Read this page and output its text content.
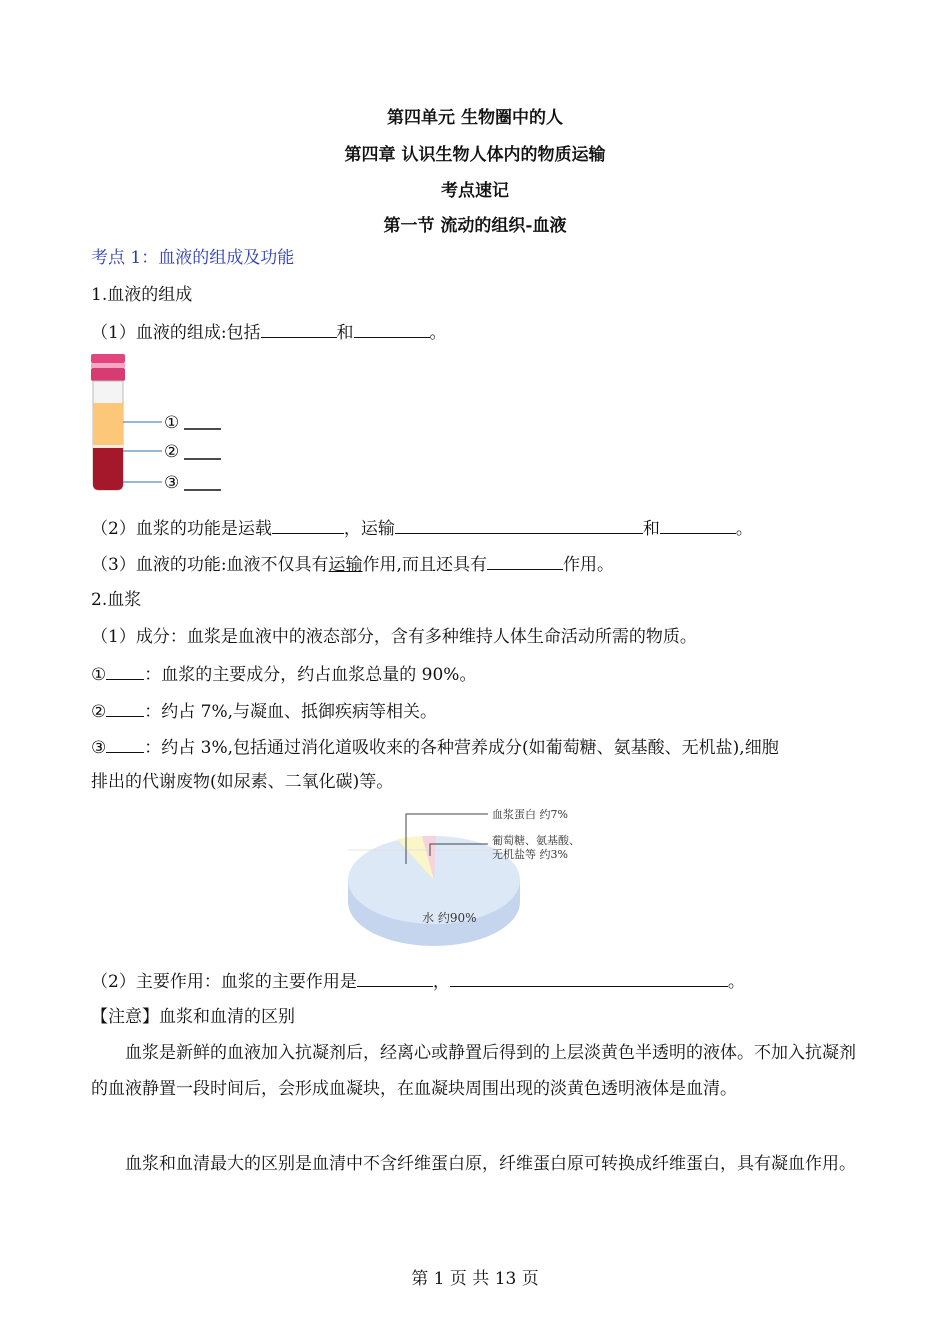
第四单元 生物圈中的人
第四章 认识生物人体内的物质运输
考点速记
第一节 流动的组织-血液
考点 1：血液的组成及功能
1.血液的组成
（1）血液的组成:包括	和	。
①
②
③
（2）血浆的功能是运载	，运输	和	。
（3）血液的功能:血液不仅具有运输作用,而且还具有	作用。
2.血浆
（1）成分：血浆是血液中的液态部分，含有多种维持人体生命活动所需的物质。
① ：血浆的主要成分，约占血浆总量的 90%。
② ：约占 7%,与凝血、抵御疾病等相关。
③ ：约占 3%,包括通过消化道吸收来的各种营养成分(如葡萄糖、氨基酸、无机盐),细胞
排出的代谢废物(如尿素、二氧化碳)等。
血浆蛋白 约7%
葡萄糖、氨基酸、
无机盐等 约3%
水 约90%
（2）主要作用：血浆的主要作用是	，	。
【注意】血浆和血清的区别
血浆是新鲜的血液加入抗凝剂后，经离心或静置后得到的上层淡黄色半透明的液体。不加入抗凝剂的血液静置一段时间后，会形成血凝块，在血凝块周围出现的淡黄色透明液体是血清。
血浆和血清最大的区别是血清中不含纤维蛋白原，纤维蛋白原可转换成纤维蛋白，具有凝血作用。
第 1 页 共 13 页
